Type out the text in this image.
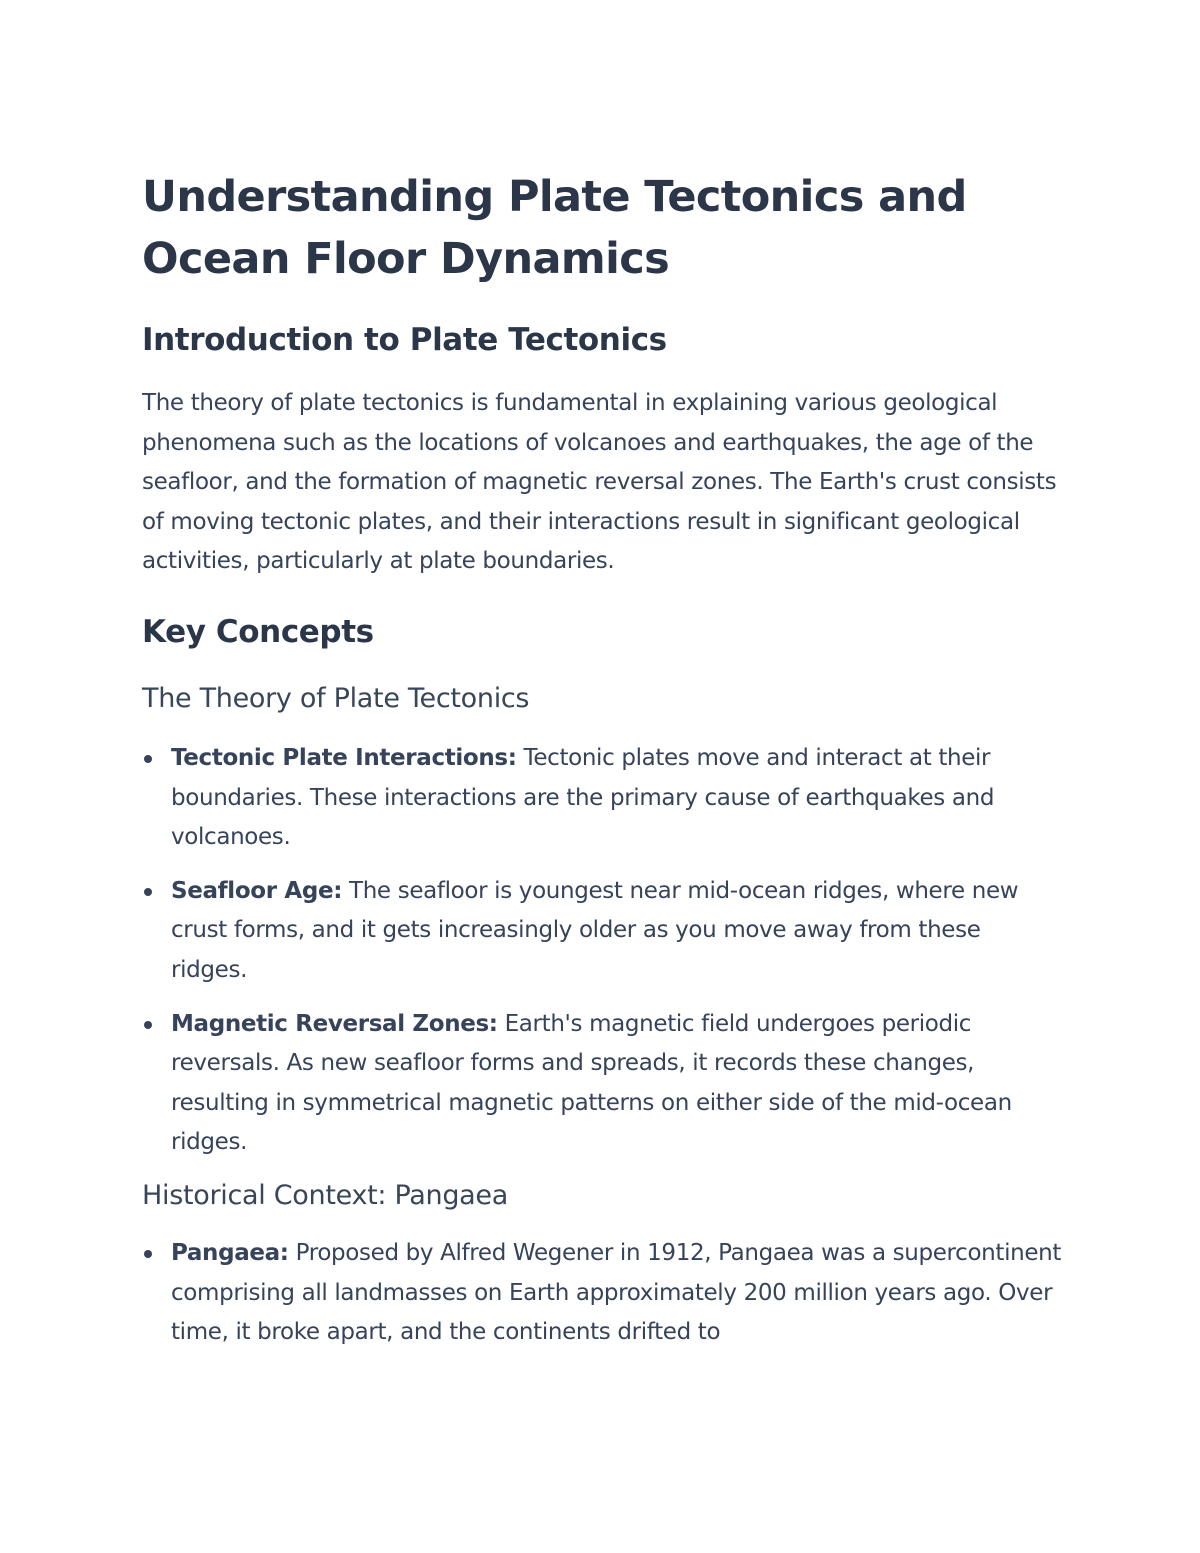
Understanding Plate Tectonics and Ocean Floor Dynamics
Introduction to Plate Tectonics

The theory of plate tectonics is fundamental in explaining various geological phenomena such as the locations of volcanoes and earthquakes, the age of the seafloor, and the formation of magnetic reversal zones. The Earth's crust consists of moving tectonic plates, and their interactions result in significant geological activities, particularly at plate boundaries.

Key Concepts
The Theory of Plate Tectonics
Tectonic Plate Interactions: Tectonic plates move and interact at their boundaries. These interactions are the primary cause of earthquakes and volcanoes.
Seafloor Age: The seafloor is youngest near mid-ocean ridges, where new crust forms, and it gets increasingly older as you move away from these ridges.
Magnetic Reversal Zones: Earth's magnetic field undergoes periodic reversals. As new seafloor forms and spreads, it records these changes, resulting in symmetrical magnetic patterns on either side of the mid-ocean ridges.
Historical Context: Pangaea
Pangaea: Proposed by Alfred Wegener in 1912, Pangaea was a supercontinent comprising all landmasses on Earth approximately 200 million years ago. Over time, it broke apart, and the continents drifted to
